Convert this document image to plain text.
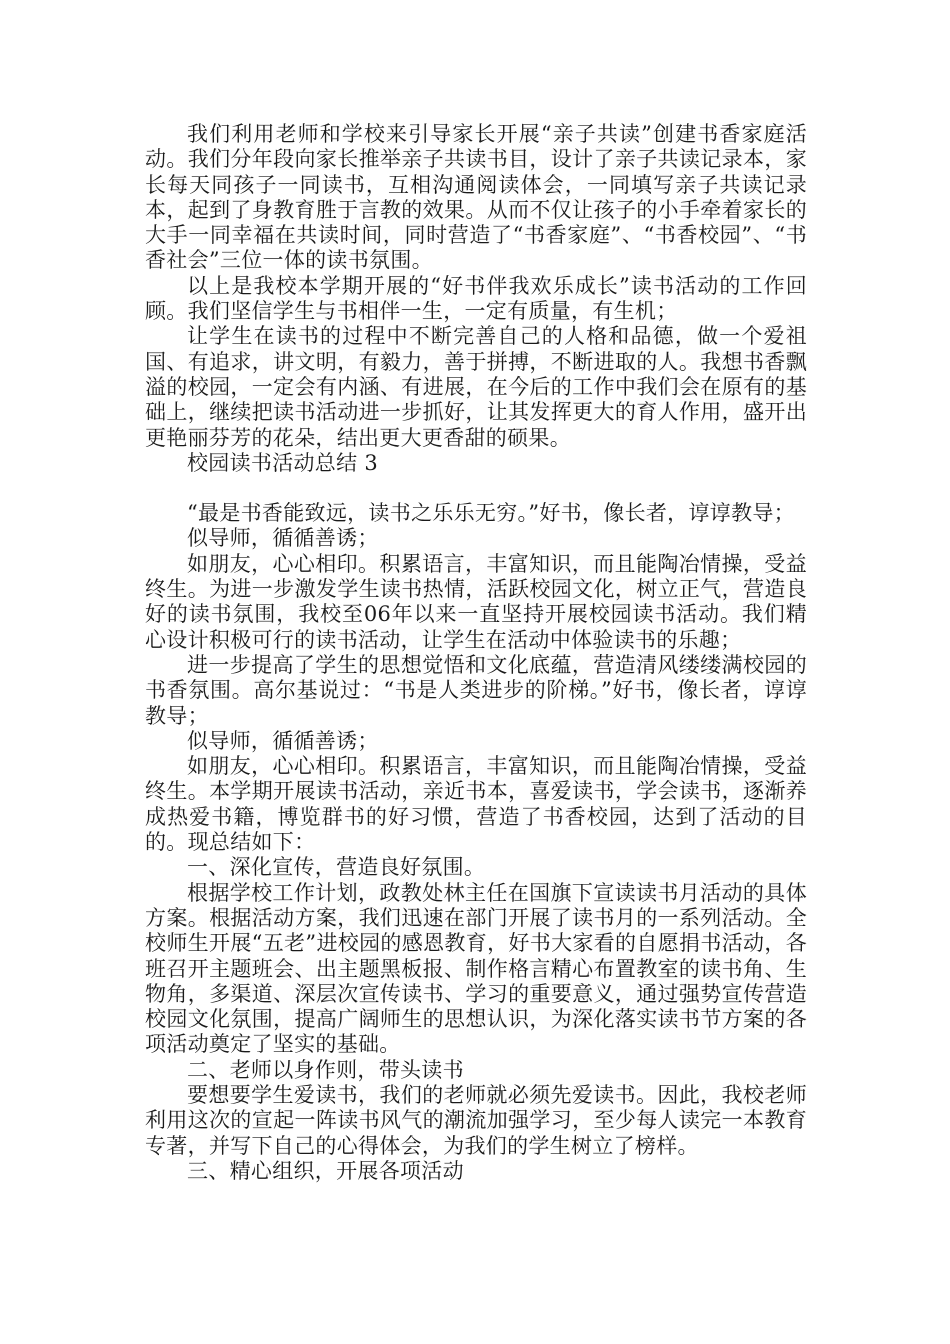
我们利用老师和学校来引导家长开展“亲子共读”创建书香家庭活动。我们分年段向家长推举亲子共读书目，设计了亲子共读记录本，家长每天同孩子一同读书，互相沟通阅读体会，一同填写亲子共读记录本，起到了身教育胜于言教的效果。从而不仅让孩子的小手牵着家长的大手一同幸福在共读时间，同时营造了“书香家庭”、“书香校园”、“书香社会”三位一体的读书氛围。

以上是我校本学期开展的“好书伴我欢乐成长”读书活动的工作回顾。我们坚信学生与书相伴一生，一定有质量，有生机；

让学生在读书的过程中不断完善自己的人格和品德，做一个爱祖国、有追求，讲文明，有毅力，善于拼搏，不断进取的人。我想书香飘溢的校园，一定会有内涵、有进展，在今后的工作中我们会在原有的基础上，继续把读书活动进一步抓好，让其发挥更大的育人作用，盛开出更艳丽芬芳的花朵，结出更大更香甜的硕果。

校园读书活动总结 3

“最是书香能致远，读书之乐乐无穷。”好书，像长者，谆谆教导；

似导师，循循善诱；

如朋友，心心相印。积累语言，丰富知识，而且能陶冶情操，受益终生。为进一步激发学生读书热情，活跃校园文化，树立正气，营造良好的读书氛围，我校至06年以来一直坚持开展校园读书活动。我们精心设计积极可行的读书活动，让学生在活动中体验读书的乐趣；

进一步提高了学生的思想觉悟和文化底蕴，营造清风缕缕满校园的书香氛围。高尔基说过：“书是人类进步的阶梯。”好书，像长者，谆谆教导；

似导师，循循善诱；

如朋友，心心相印。积累语言，丰富知识，而且能陶冶情操，受益终生。本学期开展读书活动，亲近书本，喜爱读书，学会读书，逐渐养成热爱书籍，博览群书的好习惯，营造了书香校园，达到了活动的目的。现总结如下：

一、深化宣传，营造良好氛围。

根据学校工作计划，政教处林主任在国旗下宣读读书月活动的具体方案。根据活动方案，我们迅速在部门开展了读书月的一系列活动。全校师生开展“五老”进校园的感恩教育，好书大家看的自愿捐书活动，各班召开主题班会、出主题黑板报、制作格言精心布置教室的读书角、生物角，多渠道、深层次宣传读书、学习的重要意义，通过强势宣传营造校园文化氛围，提高广阔师生的思想认识，为深化落实读书节方案的各项活动奠定了坚实的基础。

二、老师以身作则，带头读书

要想要学生爱读书，我们的老师就必须先爱读书。因此，我校老师利用这次的宣起一阵读书风气的潮流加强学习，至少每人读完一本教育专著，并写下自己的心得体会，为我们的学生树立了榜样。

三、精心组织，开展各项活动
